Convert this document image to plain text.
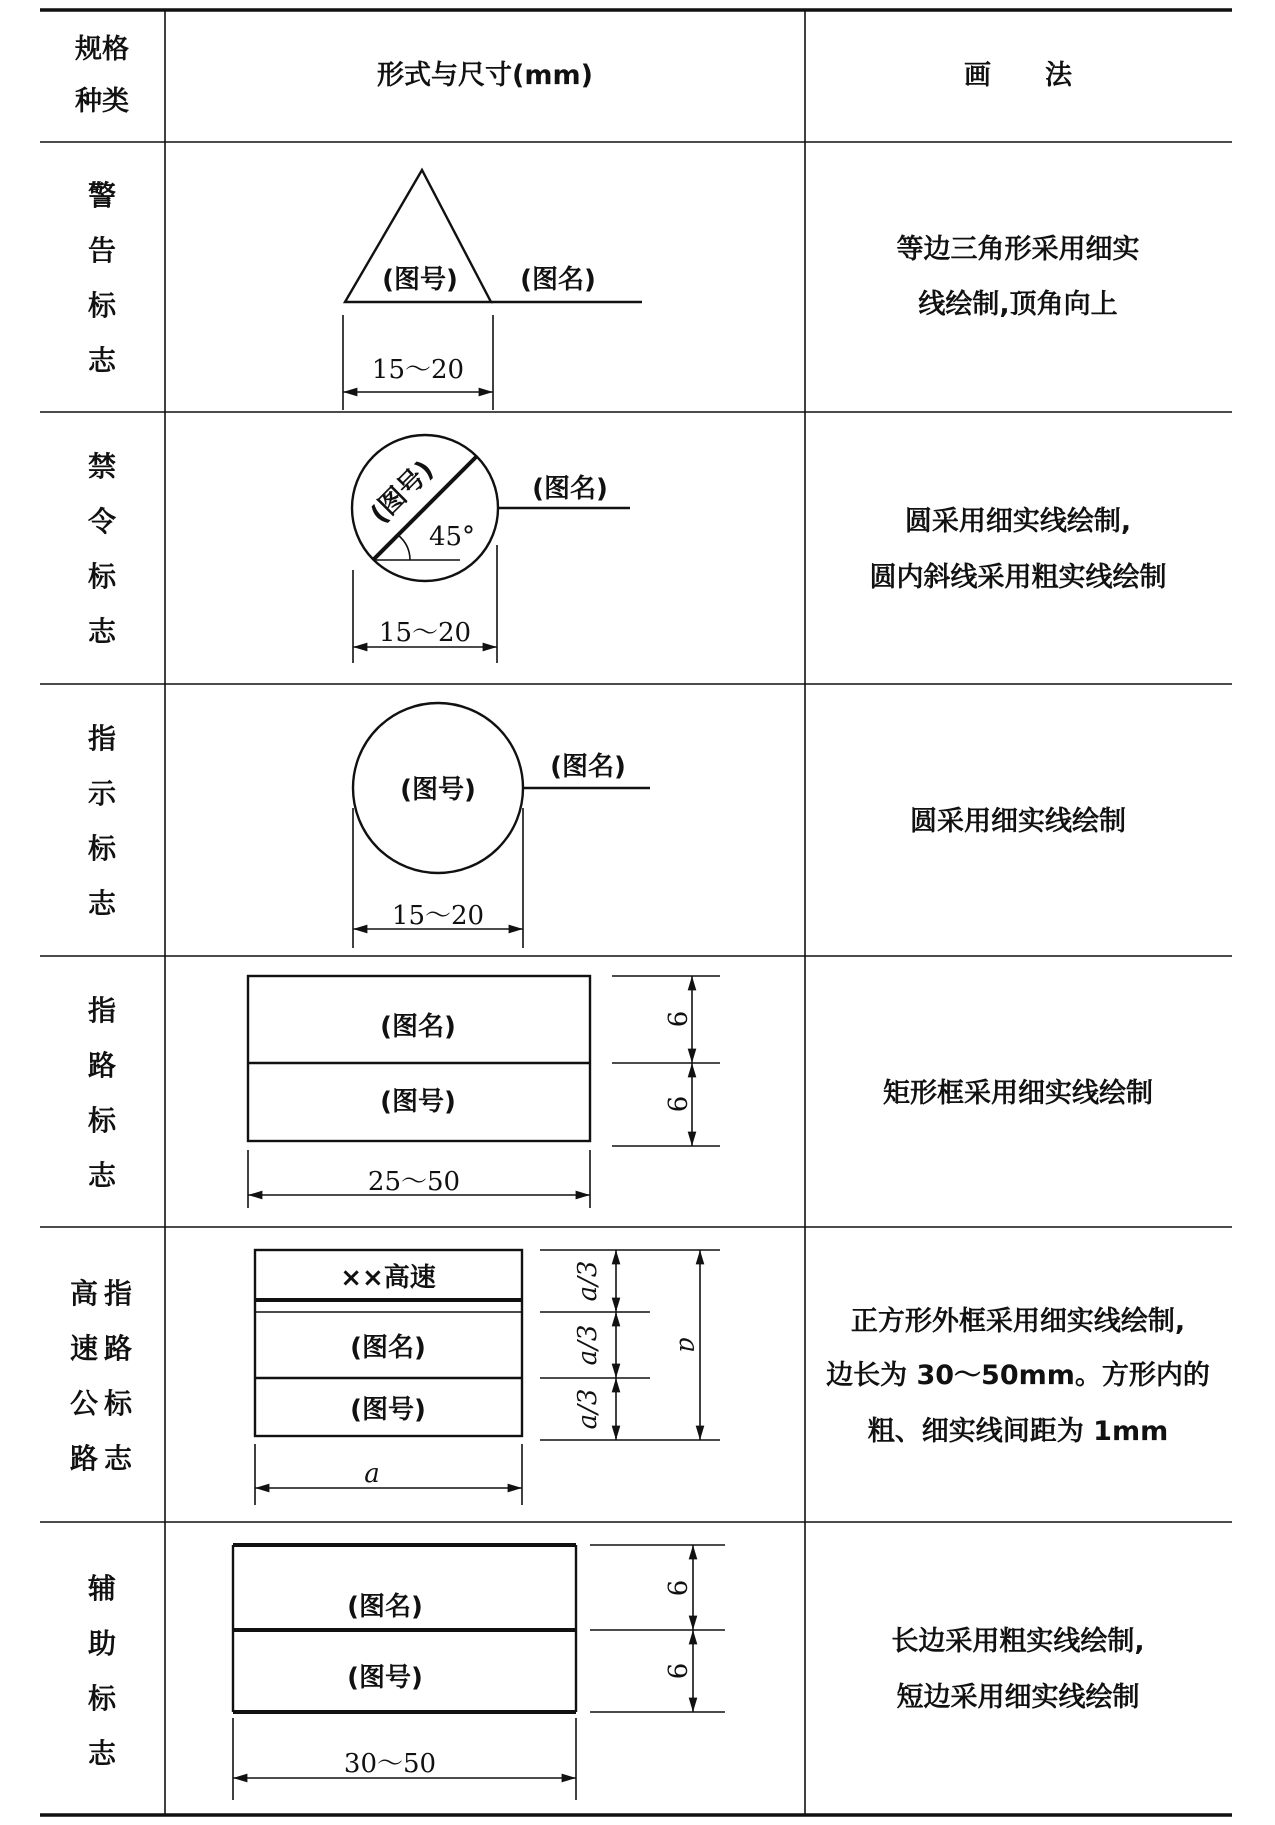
规格
种类
形式与尺寸(mm)	画　　法
警
告
标
志
(图号) (图名)
15～20
等边三角形采用细实
线绘制,顶角向上
禁
令
标
志
(图号)
45°
(图名)
15～20
圆采用细实线绘制,
圆内斜线采用粗实线绘制
指
示
标
志
(图号)
(图名)
15～20
圆采用细实线绘制
指
路
标
志
(图名)
(图号)
9
9
25～50
矩形框采用细实线绘制
高
速
公
路
指
路
标
志
××高速
(图名)
(图号)
a/3
a/3
a/3
a
a
正方形外框采用细实线绘制,
边长为 30～50mm。方形内的
粗、细实线间距为 1mm
辅
助
标
志
(图名)
(图号)
9
9
30～50
长边采用粗实线绘制,
短边采用细实线绘制
